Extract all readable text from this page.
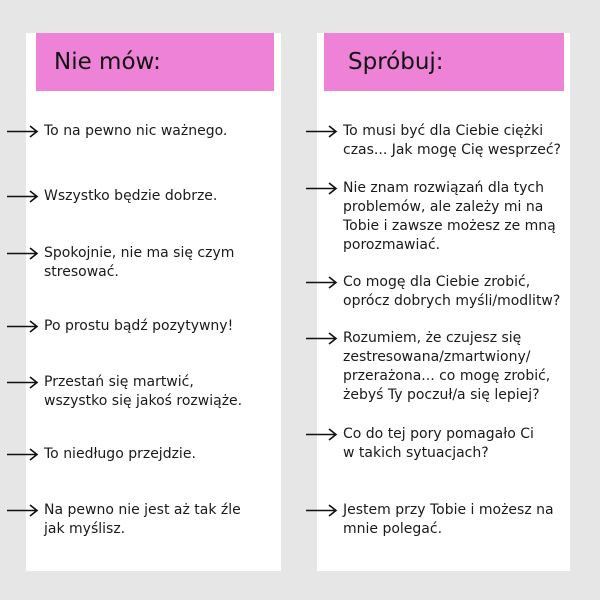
Nie mów:
To na pewno nic ważnego.
Wszystko będzie dobrze.
Spokojnie, nie ma się czym
stresować.
Po prostu bądź pozytywny!
Przestań się martwić,
wszystko się jakoś rozwiąże.
To niedługo przejdzie.
Na pewno nie jest aż tak źle
jak myślisz.
Spróbuj:
To musi być dla Ciebie ciężki
czas... Jak mogę Cię wesprzeć?
Nie znam rozwiązań dla tych
problemów, ale zależy mi na
Tobie i zawsze możesz ze mną
porozmawiać.
Co mogę dla Ciebie zrobić,
oprócz dobrych myśli/modlitw?
Rozumiem, że czujesz się
zestresowana/zmartwiony/
przerażona... co mogę zrobić,
żebyś Ty poczuł/a się lepiej?
Co do tej pory pomagało Ci
w takich sytuacjach?
Jestem przy Tobie i możesz na
mnie polegać.
